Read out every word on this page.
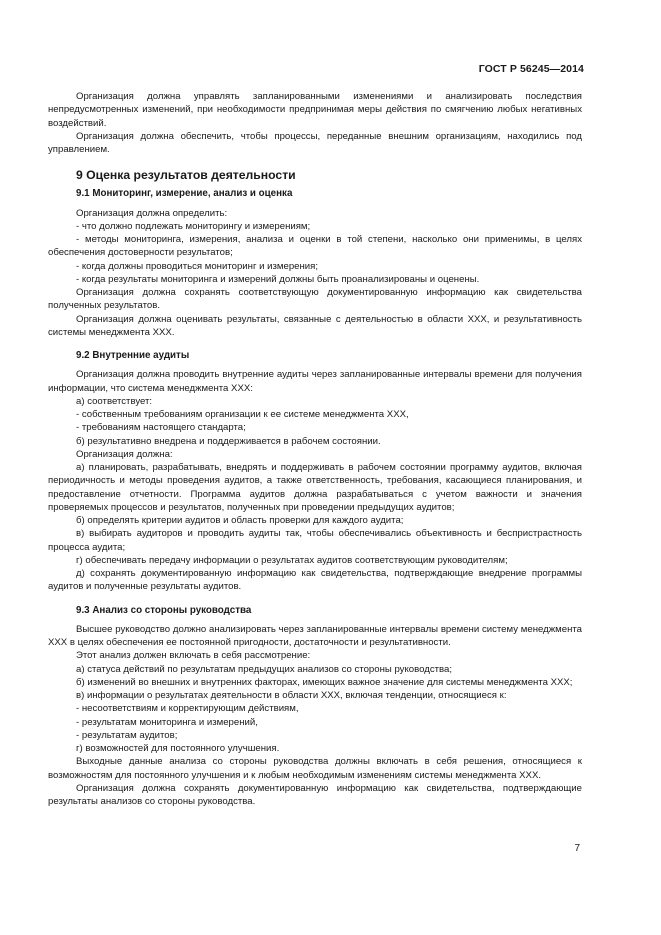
ГОСТ Р 56245—2014

Организация должна управлять запланированными изменениями и анализировать последствия непредусмотренных изменений, при необходимости предпринимая меры действия по смягчению любых негативных воздействий.

Организация должна обеспечить, чтобы процессы, переданные внешним организациям, находились под управлением.

9 Оценка результатов деятельности
9.1 Мониторинг, измерение, анализ и оценка

Организация должна определить:

- что должно подлежать мониторингу и измерениям;

- методы мониторинга, измерения, анализа и оценки в той степени, насколько они применимы, в целях обеспечения достоверности результатов;

- когда должны проводиться мониторинг и измерения;

- когда результаты мониторинга и измерений должны быть проанализированы и оценены.

Организация должна сохранять соответствующую документированную информацию как свидетельства полученных результатов.

Организация должна оценивать результаты, связанные с деятельностью в области ХХХ, и результативность системы менеджмента ХХХ.

9.2 Внутренние аудиты

Организация должна проводить внутренние аудиты через запланированные интервалы времени для получения информации, что система менеджмента ХХХ:

а) соответствует:

- собственным требованиям организации к ее системе менеджмента ХХХ,

- требованиям настоящего стандарта;

б) результативно внедрена и поддерживается в рабочем состоянии.

Организация должна:

а) планировать, разрабатывать, внедрять и поддерживать в рабочем состоянии программу аудитов, включая периодичность и методы проведения аудитов, а также ответственность, требования, касающиеся планирования, и предоставление отчетности. Программа аудитов должна разрабатываться с учетом важности и значения проверяемых процессов и результатов, полученных при проведении предыдущих аудитов;

б) определять критерии аудитов и область проверки для каждого аудита;

в) выбирать аудиторов и проводить аудиты так, чтобы обеспечивались объективность и беспристрастность процесса аудита;

г) обеспечивать передачу информации о результатах аудитов соответствующим руководителям;

д) сохранять документированную информацию как свидетельства, подтверждающие внедрение программы аудитов и полученные результаты аудитов.

9.3 Анализ со стороны руководства

Высшее руководство должно анализировать через запланированные интервалы времени систему менеджмента ХХХ в целях обеспечения ее постоянной пригодности, достаточности и результативности.

Этот анализ должен включать в себя рассмотрение:

а) статуса действий по результатам предыдущих анализов со стороны руководства;

б) изменений во внешних и внутренних факторах, имеющих важное значение для системы менеджмента ХХХ;

в) информации о результатах деятельности в области ХХХ, включая тенденции, относящиеся к:

- несоответствиям и корректирующим действиям,

- результатам мониторинга и измерений,

- результатам аудитов;

г) возможностей для постоянного улучшения.

Выходные данные анализа со стороны руководства должны включать в себя решения, относящиеся к возможностям для постоянного улучшения и к любым необходимым изменениям системы менеджмента ХХХ.

Организация должна сохранять документированную информацию как свидетельства, подтверждающие результаты анализов со стороны руководства.

7
